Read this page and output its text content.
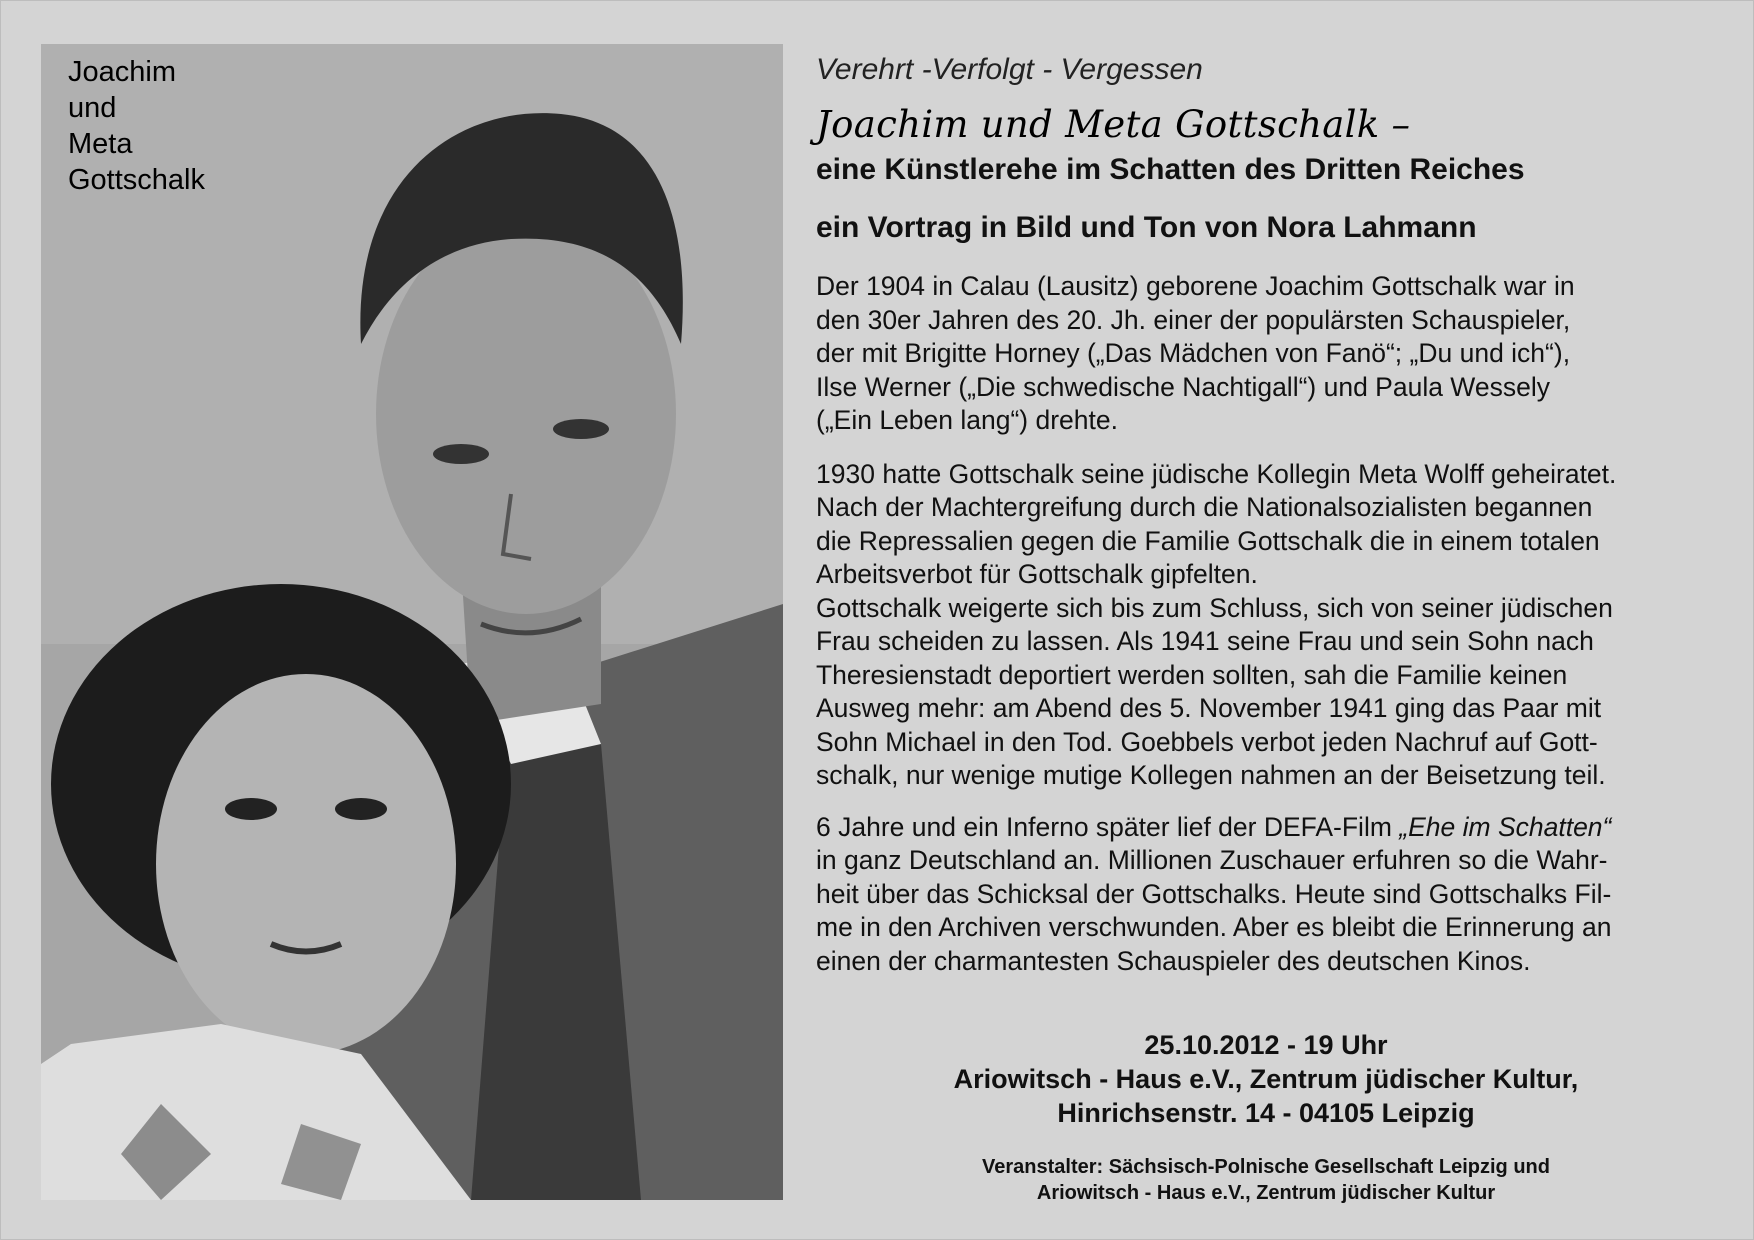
Joachim
und
Meta
Gottschalk

Verehrt -Verfolgt - Vergessen

Joachim und Meta Gottschalk –

eine Künstlerehe im Schatten des Dritten Reiches

ein Vortrag in Bild und Ton von Nora Lahmann

Der 1904 in Calau (Lausitz) geborene Joachim Gottschalk war in
den 30er Jahren des 20. Jh. einer der populärsten Schauspieler,
der mit Brigitte Horney („Das Mädchen von Fanö“; „Du und ich“),
Ilse Werner („Die schwedische Nachtigall“) und Paula Wessely
(„Ein Leben lang“) drehte.

1930 hatte Gottschalk seine jüdische Kollegin Meta Wolff geheiratet.
Nach der Machtergreifung durch die Nationalsozialisten begannen
die Repressalien gegen die Familie Gottschalk die in einem totalen
Arbeitsverbot für Gottschalk gipfelten.
Gottschalk weigerte sich bis zum Schluss, sich von seiner jüdischen
Frau scheiden zu lassen. Als 1941 seine Frau und sein Sohn nach
Theresienstadt deportiert werden sollten, sah die Familie keinen
Ausweg mehr: am Abend des 5. November 1941 ging das Paar mit
Sohn Michael in den Tod. Goebbels verbot jeden Nachruf auf Gott-
schalk, nur wenige mutige Kollegen nahmen an der Beisetzung teil.

6 Jahre und ein Inferno später lief der DEFA-Film „Ehe im Schatten“
in ganz Deutschland an. Millionen Zuschauer erfuhren so die Wahr-
heit über das Schicksal der Gottschalks. Heute sind Gottschalks Fil-
me in den Archiven verschwunden. Aber es bleibt die Erinnerung an
einen der charmantesten Schauspieler des deutschen Kinos.

25.10.2012 - 19 Uhr
Ariowitsch - Haus e.V., Zentrum jüdischer Kultur,
Hinrichsenstr. 14 - 04105 Leipzig
Veranstalter: Sächsisch-Polnische Gesellschaft Leipzig und
Ariowitsch - Haus e.V., Zentrum jüdischer Kultur
